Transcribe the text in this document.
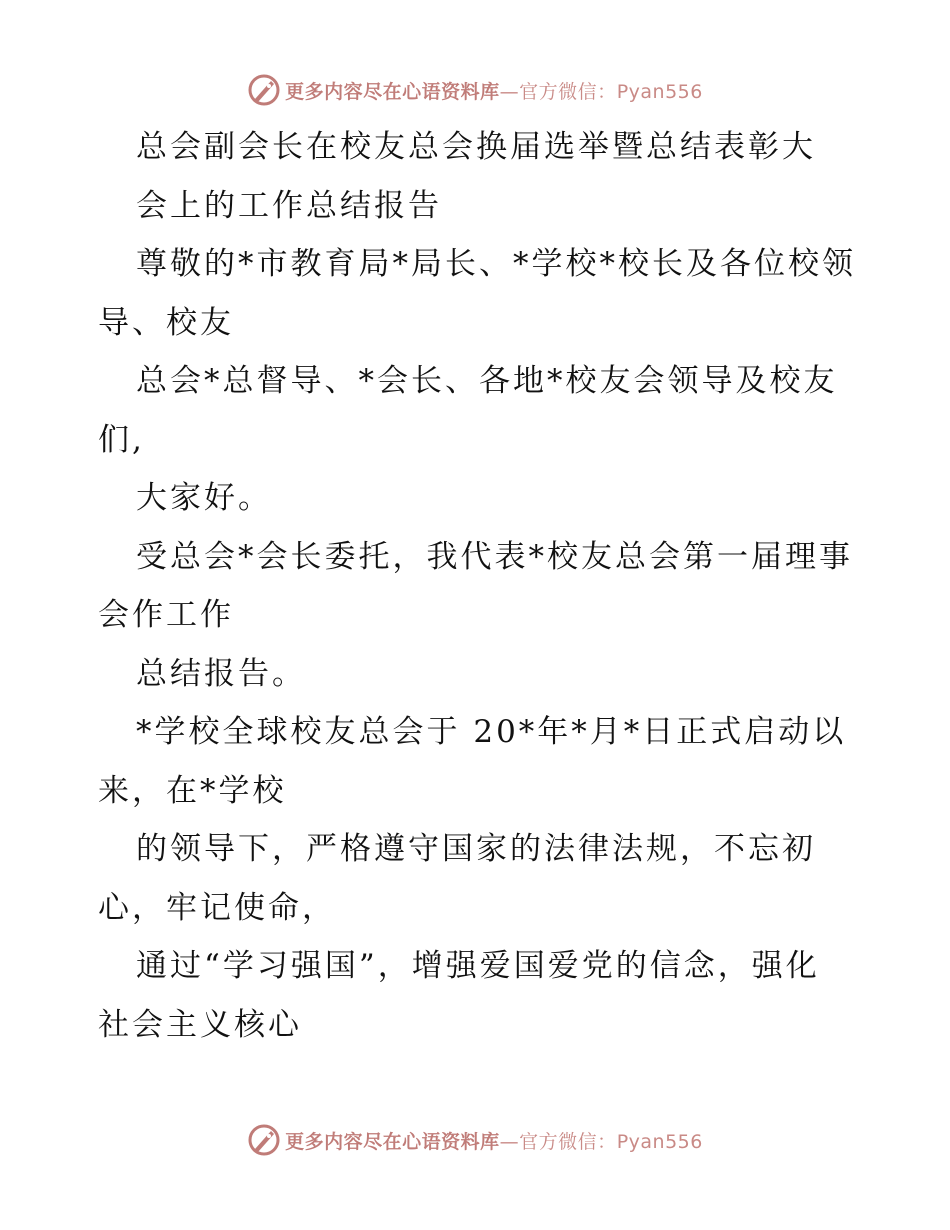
更多内容尽在心语资料库—官方微信：Pyan556
总会副会长在校友总会换届选举暨总结表彰大
会上的工作总结报告
尊敬的*市教育局*局长、*学校*校长及各位校领
导、校友
总会*总督导、*会长、各地*校友会领导及校友
们,
大家好。
受总会*会长委托，我代表*校友总会第一届理事
会作工作
总结报告。
*学校全球校友总会于 20*年*月*日正式启动以
来，在*学校
的领导下，严格遵守国家的法律法规，不忘初
心，牢记使命，
通过“学习强国”，增强爱国爱党的信念，强化
社会主义核心
更多内容尽在心语资料库—官方微信：Pyan556
